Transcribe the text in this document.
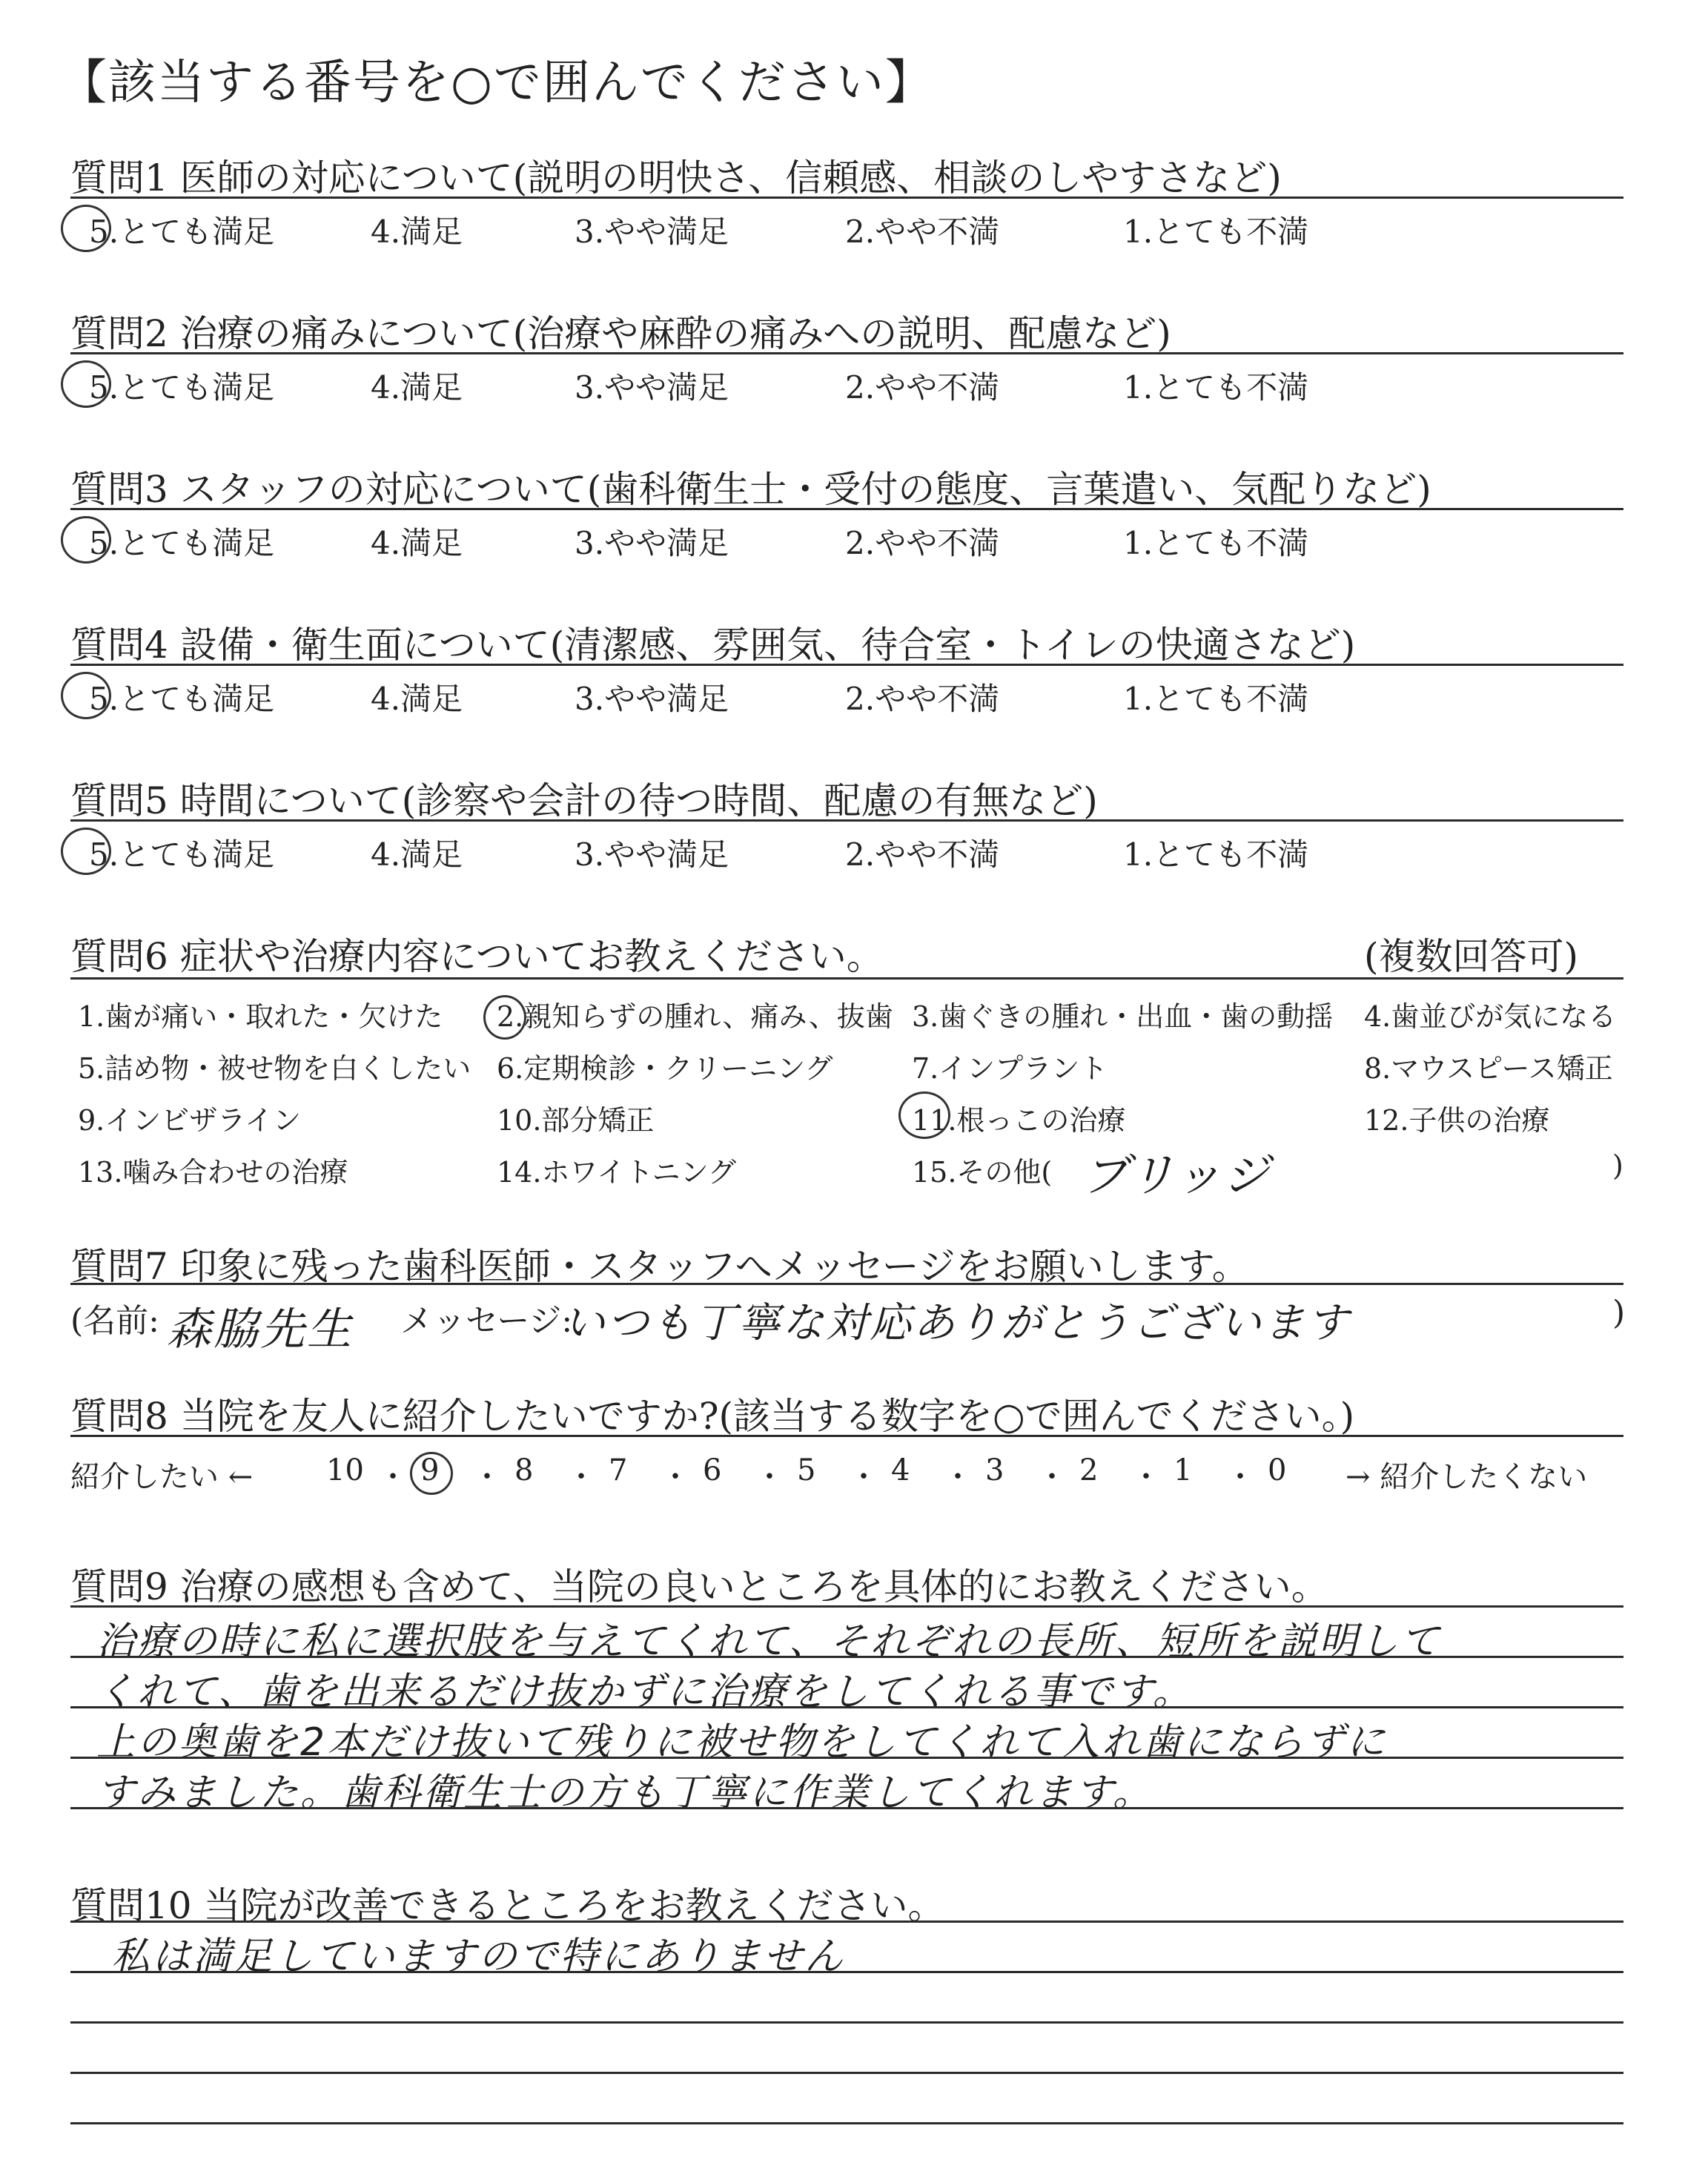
【該当する番号を○で囲んでください】
質問6 症状や治療内容についてお教えください。	(複数回答可)
ブリッジ
質問7 印象に残った歯科医師・スタッフへメッセージをお願いします。
(名前: 森脇先生 メッセージ:
いつも丁寧な対応ありがとうございます	)
質問8 当院を友人に紹介したいですか?(該当する数字を○で囲んでください。)
紹介したい ←	→ 紹介したくない
質問9 治療の感想も含めて、当院の良いところを具体的にお教えください。
質問10 当院が改善できるところをお教えください。
質問1 医師の対応について(説明の明快さ、信頼感、相談のしやすさなど)
5.とても満足	4.満足	3.やや満足	2.やや不満	1.とても不満
質問2 治療の痛みについて(治療や麻酔の痛みへの説明、配慮など)
5.とても満足	4.満足	3.やや満足	2.やや不満	1.とても不満
質問3 スタッフの対応について(歯科衛生士・受付の態度、言葉遣い、気配りなど)
5.とても満足	4.満足	3.やや満足	2.やや不満	1.とても不満
質問4 設備・衛生面について(清潔感、雰囲気、待合室・トイレの快適さなど)
5.とても満足	4.満足	3.やや満足	2.やや不満	1.とても不満
質問5 時間について(診察や会計の待つ時間、配慮の有無など)
5.とても満足	4.満足	3.やや満足	2.やや不満	1.とても不満
1.歯が痛い・取れた・欠けた 2.親知らずの腫れ、痛み、抜歯 3.歯ぐきの腫れ・出血・歯の動揺 4.歯並びが気になる
5.詰め物・被せ物を白くしたい 6.定期検診・クリーニング	7.インプラント	8.マウスピース矯正
9.インビザライン	10.部分矯正	11.根っこの治療	12.子供の治療
13.噛み合わせの治療	14.ホワイトニング	15.その他(	)
10 ・ 9 ・ 8 ・ 7 ・ 6 ・ 5 ・ 4 ・ 3 ・ 2 ・ 1 ・ 0
治療の時に私に選択肢を与えてくれて、それぞれの長所、短所を説明して
くれて、歯を出来るだけ抜かずに治療をしてくれる事です。
上の奥歯を2本だけ抜いて残りに被せ物をしてくれて入れ歯にならずに
すみました。歯科衛生士の方も丁寧に作業してくれます。
私は満足していますので特にありません
